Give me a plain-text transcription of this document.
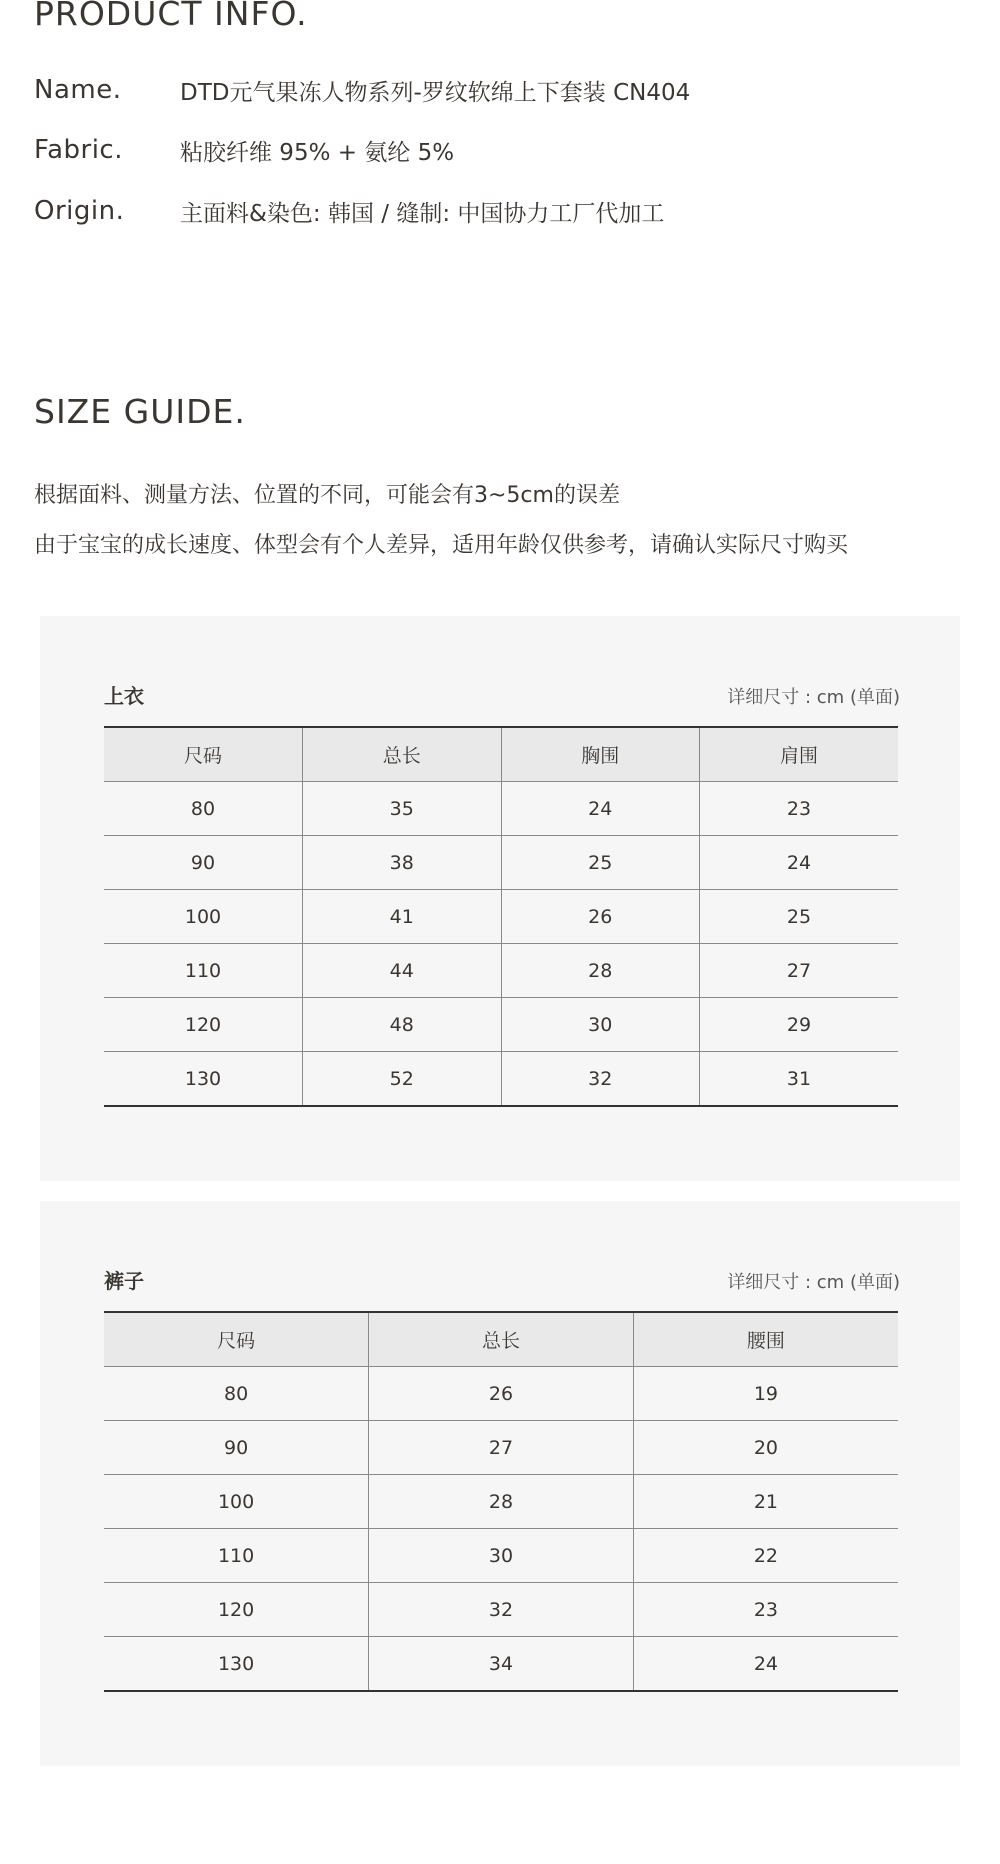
PRODUCT INFO.
Name.	DTD元气果冻人物系列-罗纹软绵上下套装 CN404
Fabric.	粘胶纤维 95% + 氨纶 5%
Origin.	主面料&染色: 韩国 / 缝制: 中国协力工厂代加工
SIZE GUIDE.
根据面料、测量方法、位置的不同，可能会有3~5cm的误差
由于宝宝的成长速度、体型会有个人差异，适用年龄仅供参考，请确认实际尺寸购买
上衣	详细尺寸 : cm (单面)
尺码	总长	胸围	肩围
80	35	24	23
90	38	25	24
100	41	26	25
110	44	28	27
120	48	30	29
130	52	32	31
裤子	详细尺寸 : cm (单面)
尺码	总长	腰围
80	26	19
90	27	20
100	28	21
110	30	22
120	32	23
130	34	24
